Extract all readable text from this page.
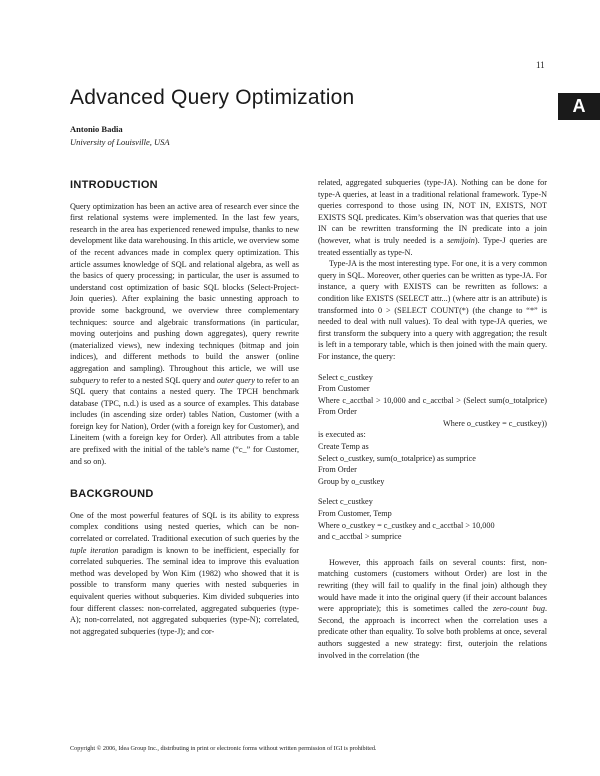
11
Advanced Query Optimization	A
Antonio Badia
University of Louisville, USA
INTRODUCTION

Query optimization has been an active area of research ever since the first relational systems were implemented. In the last few years, research in the area has experienced renewed impulse, thanks to new development like data warehousing. In this article, we overview some of the recent advances made in complex query optimization. This article assumes knowledge of SQL and relational algebra, as well as the basics of query processing; in particular, the user is assumed to understand cost optimization of basic SQL blocks (Select-Project-Join queries). After explaining the basic unnesting approach to provide some background, we overview three complementary techniques: source and algebraic transformations (in particular, moving outerjoins and pushing down aggregates), query rewrite (materialized views), new indexing techniques (bitmap and join indices), and different methods to build the answer (online aggregation and sampling). Throughout this article, we will use subquery to refer to a nested SQL query and outer query to refer to an SQL query that contains a nested query. The TPCH benchmark database (TPC, n.d.) is used as a source of examples. This database includes (in ascending size order) tables Nation, Customer (with a foreign key for Nation), Order (with a foreign key for Customer), and Lineitem (with a foreign key for Order). All attributes from a table are prefixed with the initial of the table’s name (“c_” for Customer, and so on).

BACKGROUND

One of the most powerful features of SQL is its ability to express complex conditions using nested queries, which can be non-correlated or correlated. Traditional execution of such queries by the tuple iteration paradigm is known to be inefficient, especially for correlated subqueries. The seminal idea to improve this evaluation method was developed by Won Kim (1982) who showed that it is possible to transform many queries with nested subqueries in equivalent queries without subqueries. Kim divided subqueries into four different classes: non-correlated, aggregated subqueries (type-A); non-correlated, not aggregated subqueries (type-N); correlated, not aggregated subqueries (type-J); and cor-

related, aggregated subqueries (type-JA). Nothing can be done for type-A queries, at least in a traditional relational framework. Type-N queries correspond to those using IN, NOT IN, EXISTS, NOT EXISTS SQL predicates. Kim’s observation was that queries that use IN can be rewritten transforming the IN predicate into a join (however, what is truly needed is a semijoin). Type-J queries are treated essentially as type-N.

Type-JA is the most interesting type. For one, it is a very common query in SQL. Moreover, other queries can be written as type-JA. For instance, a query with EXISTS can be rewritten as follows: a condition like EXISTS (SELECT attr...) (where attr is an attribute) is transformed into 0 > (SELECT COUNT(*) (the change to “*” is needed to deal with null values). To deal with type-JA queries, we first transform the subquery into a query with aggregation; the result is left in a temporary table, which is then joined with the main query. For instance, the query:

Select c_custkey
From Customer
Where c_acctbal > 10,000 and c_acctbal > (Select sum(o_totalprice) From Order
Where o_custkey = c_custkey))
is executed as:
Create Temp as
Select o_custkey, sum(o_totalprice) as sumprice
From Order
Group by o_custkey
Select c_custkey
From Customer, Temp
Where o_custkey = c_custkey and c_acctbal > 10,000
and c_acctbal > sumprice

However, this approach fails on several counts: first, non-matching customers (customers without Order) are lost in the rewriting (they will fail to qualify in the final join) although they would have made it into the original query (if their account balances were appropriate); this is sometimes called the zero-count bug. Second, the approach is incorrect when the correlation uses a predicate other than equality. To solve both problems at once, several authors suggested a new strategy: first, outerjoin the relations involved in the correlation (the

Copyright © 2006, Idea Group Inc., distributing in print or electronic forms without written permission of IGI is prohibited.
